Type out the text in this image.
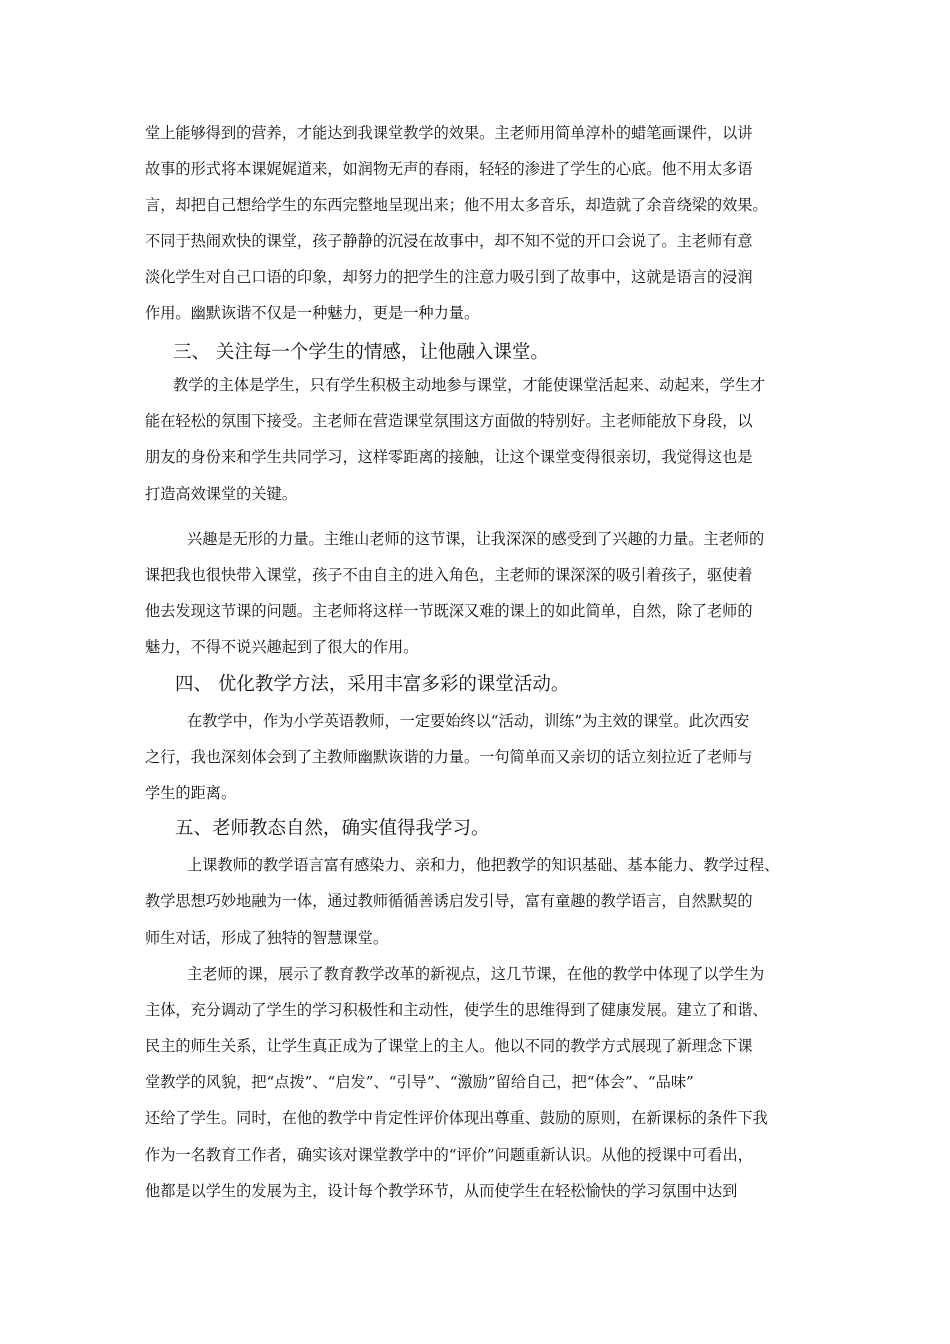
堂上能够得到的营养，才能达到我课堂教学的效果。主老师用简单淳朴的蜡笔画课件，以讲
故事的形式将本课娓娓道来，如润物无声的春雨，轻轻的渗进了学生的心底。他不用太多语
言，却把自己想给学生的东西完整地呈现出来；他不用太多音乐，却造就了余音绕梁的效果。
不同于热闹欢快的课堂，孩子静静的沉浸在故事中，却不知不觉的开口会说了。主老师有意
淡化学生对自己口语的印象，却努力的把学生的注意力吸引到了故事中，这就是语言的浸润
作用。幽默诙谐不仅是一种魅力，更是一种力量。
三、 关注每一个学生的情感，让他融入课堂。
教学的主体是学生，只有学生积极主动地参与课堂，才能使课堂活起来、动起来，学生才
能在轻松的氛围下接受。主老师在营造课堂氛围这方面做的特别好。主老师能放下身段，以
朋友的身份来和学生共同学习，这样零距离的接触，让这个课堂变得很亲切，我觉得这也是
打造高效课堂的关键。
兴趣是无形的力量。主维山老师的这节课，让我深深的感受到了兴趣的力量。主老师的
课把我也很快带入课堂，孩子不由自主的进入角色，主老师的课深深的吸引着孩子，驱使着
他去发现这节课的问题。主老师将这样一节既深又难的课上的如此简单，自然，除了老师的
魅力，不得不说兴趣起到了很大的作用。
四、 优化教学方法，采用丰富多彩的课堂活动。
在教学中，作为小学英语教师，一定要始终以“活动，训练”为主效的课堂。此次西安
之行，我也深刻体会到了主教师幽默诙谐的力量。一句简单而又亲切的话立刻拉近了老师与
学生的距离。
五、老师教态自然，确实值得我学习。
上课教师的教学语言富有感染力、亲和力，他把教学的知识基础、基本能力、教学过程、
教学思想巧妙地融为一体，通过教师循循善诱启发引导，富有童趣的教学语言，自然默契的
师生对话，形成了独特的智慧课堂。
主老师的课，展示了教育教学改革的新视点，这几节课，在他的教学中体现了以学生为
主体，充分调动了学生的学习积极性和主动性，使学生的思维得到了健康发展。建立了和谐、
民主的师生关系，让学生真正成为了课堂上的主人。他以不同的教学方式展现了新理念下课
堂教学的风貌，把“点拨”、“启发”、“引导”、“激励”留给自己，把“体会”、“品味”
还给了学生。同时，在他的教学中肯定性评价体现出尊重、鼓励的原则，在新课标的条件下我
作为一名教育工作者，确实该对课堂教学中的“评价”问题重新认识。从他的授课中可看出，
他都是以学生的发展为主，设计每个教学环节，从而使学生在轻松愉快的学习氛围中达到
